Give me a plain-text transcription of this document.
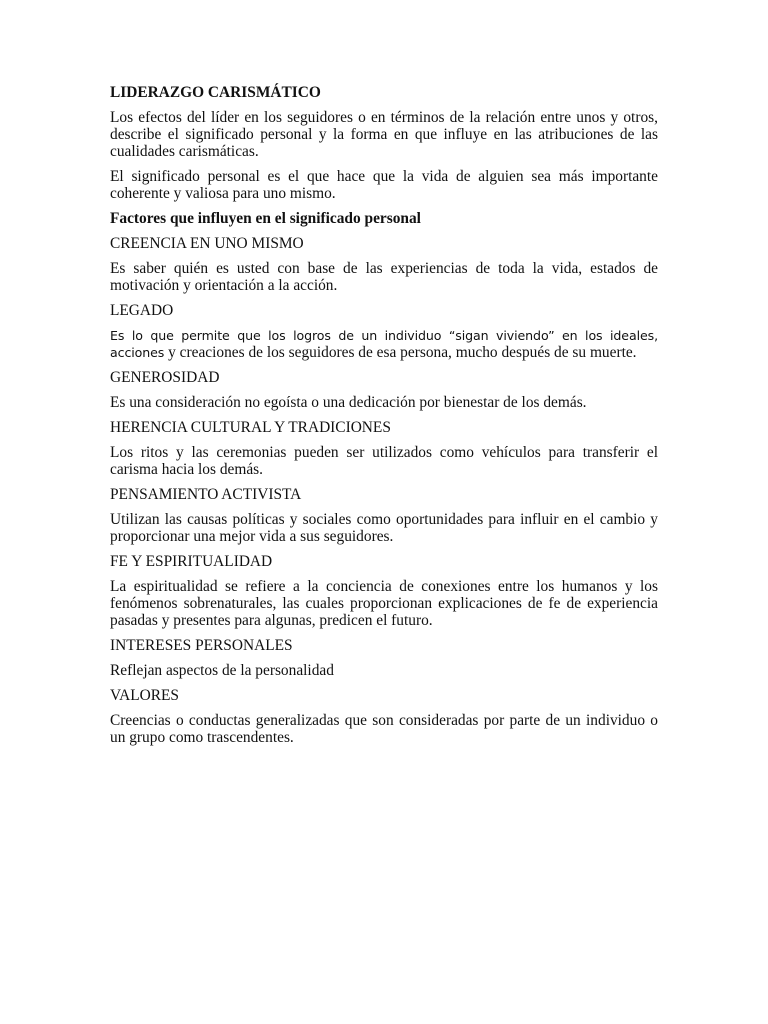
LIDERAZGO CARISMÁTICO

Los efectos del líder en los seguidores o en términos de la relación entre unos y otros, describe el significado personal y la forma en que influye en las atribuciones de las cualidades carismáticas.

El significado personal es el que hace que la vida de alguien sea más importante coherente y valiosa para uno mismo.

Factores que influyen en el significado personal
CREENCIA EN UNO MISMO

Es saber quién es usted con base de las experiencias de toda la vida, estados de motivación y orientación a la acción.

LEGADO

Es lo que permite que los logros de un individuo “sigan viviendo” en los ideales, acciones y creaciones de los seguidores de esa persona, mucho después de su muerte.

GENEROSIDAD

Es una consideración no egoísta o una dedicación por bienestar de los demás.

HERENCIA CULTURAL Y TRADICIONES

Los ritos y las ceremonias pueden ser utilizados como vehículos para transferir el carisma hacia los demás.

PENSAMIENTO ACTIVISTA

Utilizan las causas políticas y sociales como oportunidades para influir en el cambio y proporcionar una mejor vida a sus seguidores.

FE Y ESPIRITUALIDAD

La espiritualidad se refiere a la conciencia de conexiones entre los humanos y los fenómenos sobrenaturales, las cuales proporcionan explicaciones de fe de experiencia pasadas y presentes para algunas, predicen el futuro.

INTERESES PERSONALES

Reflejan aspectos de la personalidad

VALORES

Creencias o conductas generalizadas que son consideradas por parte de un individuo o un grupo como trascendentes.
